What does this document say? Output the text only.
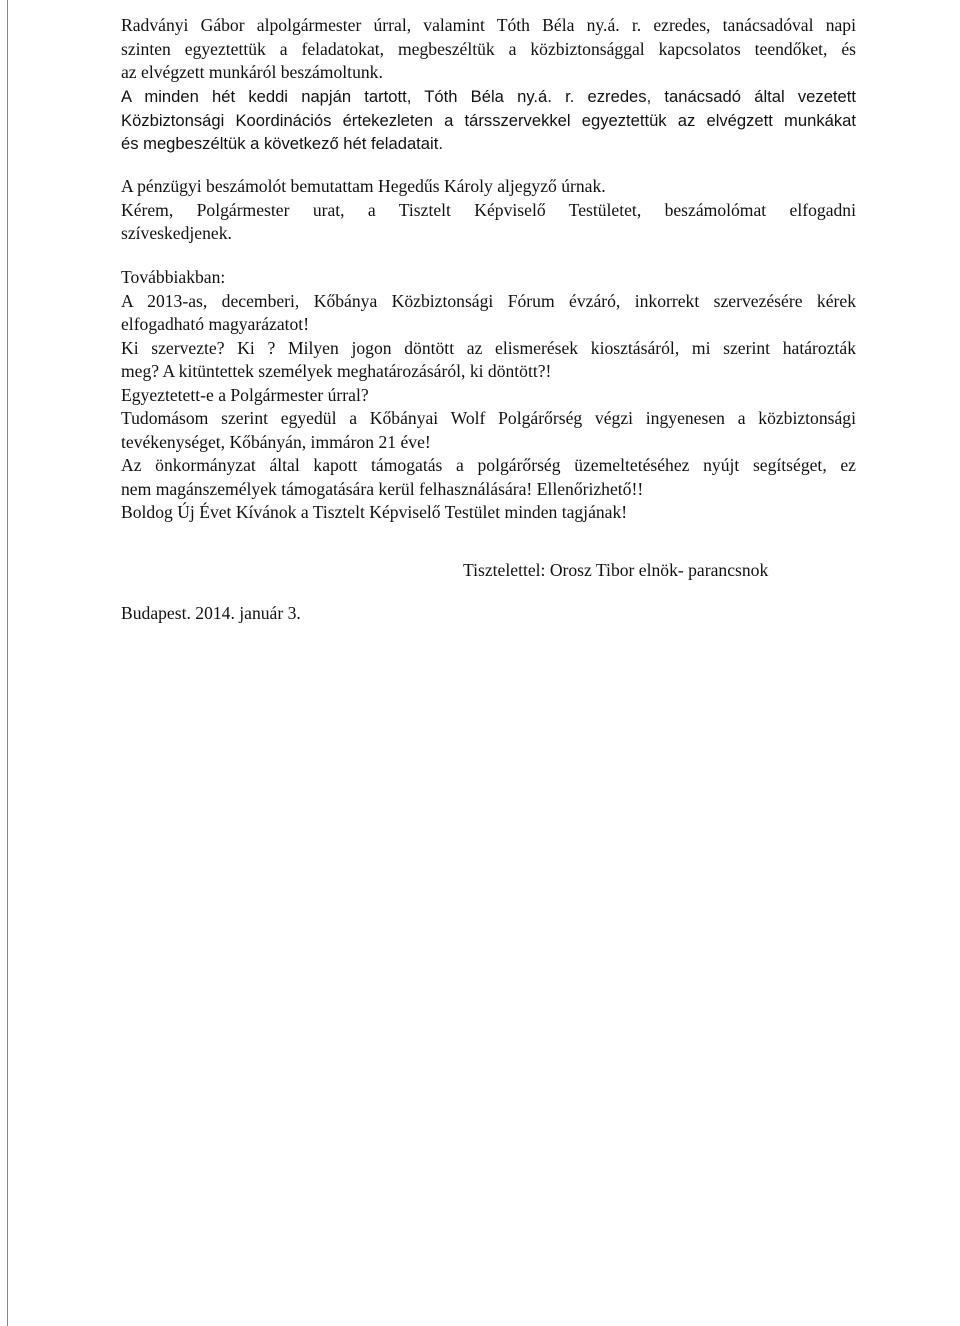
Radványi Gábor alpolgármester úrral, valamint Tóth Béla ny.á. r. ezredes, tanácsadóval napi
szinten egyeztettük a feladatokat, megbeszéltük a közbiztonsággal kapcsolatos teendőket, és
az elvégzett munkáról beszámoltunk.
A minden hét keddi napján tartott, Tóth Béla ny.á. r. ezredes, tanácsadó által vezetett
Közbiztonsági Koordinációs értekezleten a társszervekkel egyeztettük az elvégzett munkákat
és megbeszéltük a következő hét feladatait.
A pénzügyi beszámolót bemutattam Hegedűs Károly aljegyző úrnak.
Kérem, Polgármester urat, a Tisztelt Képviselő Testületet, beszámolómat elfogadni
szíveskedjenek.
Továbbiakban:
A 2013-as, decemberi, Kőbánya Közbiztonsági Fórum évzáró, inkorrekt szervezésére kérek
elfogadható magyarázatot!
Ki szervezte? Ki ? Milyen jogon döntött az elismerések kiosztásáról, mi szerint határozták
meg? A kitüntettek személyek meghatározásáról, ki döntött?!
Egyeztetett-e a Polgármester úrral?
Tudomásom szerint egyedül a Kőbányai Wolf Polgárőrség végzi ingyenesen a közbiztonsági
tevékenységet, Kőbányán, immáron 21 éve!
Az önkormányzat által kapott támogatás a polgárőrség üzemeltetéséhez nyújt segítséget, ez
nem magánszemélyek támogatására kerül felhasználására! Ellenőrizhető!!
Boldog Új Évet Kívánok a Tisztelt Képviselő Testület minden tagjának!
Tisztelettel: Orosz Tibor elnök- parancsnok
Budapest. 2014. január 3.
